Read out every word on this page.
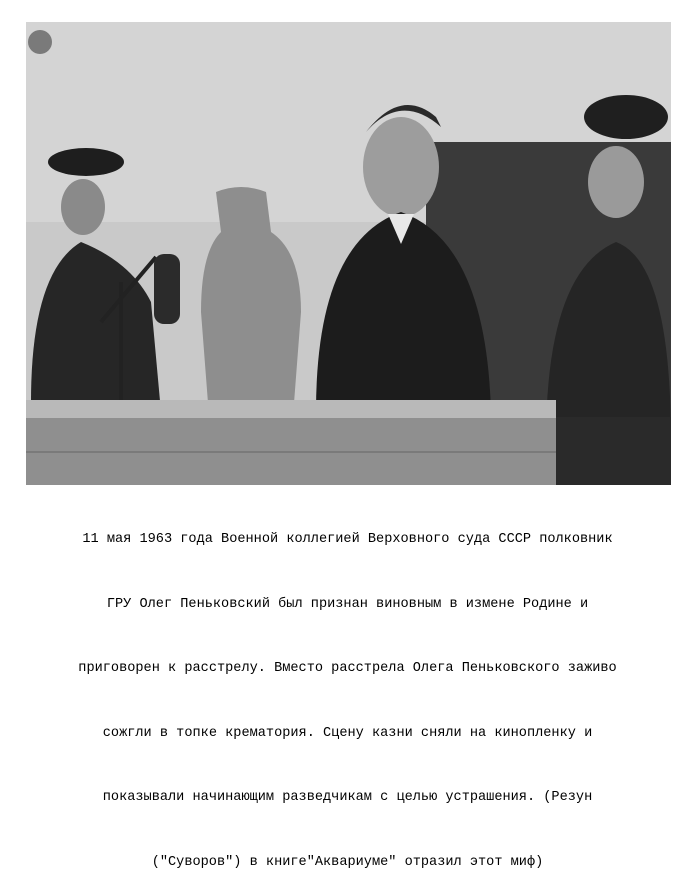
11 мая 1963 года Военной коллегией Верховного суда СССР полковник

ГРУ Олег Пеньковский был признан виновным в измене Родине и

приговорен к расстрелу. Вместо расстрела Олега Пеньковского заживо

сожгли в топке крематория. Сцену казни сняли на кинопленку и

показывали начинающим разведчикам с целью устрашения. (Резун

("Суворов") в книге"Аквариуме" отразил этот миф)
